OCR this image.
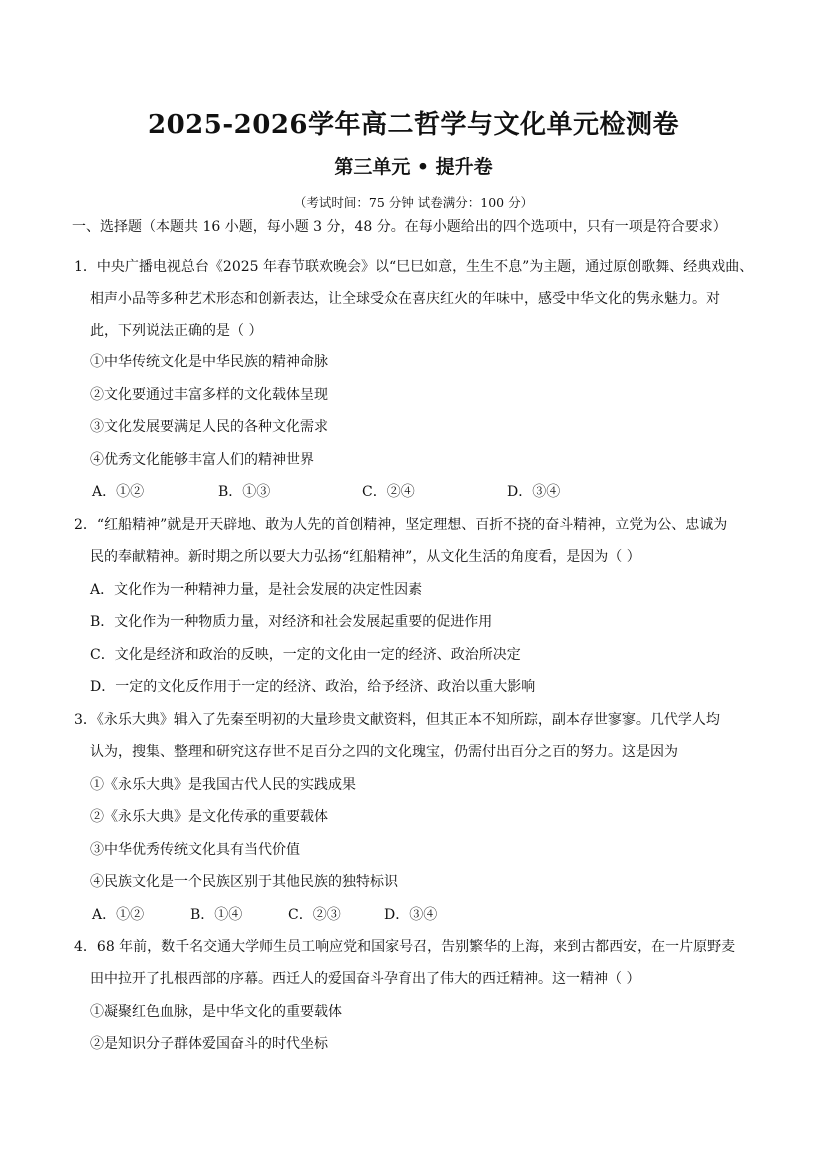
2025-2026学年高二哲学与文化单元检测卷
第三单元 • 提升卷
（考试时间：75 分钟 试卷满分：100 分）
一、选择题（本题共 16 小题，每小题 3 分，48 分。在每小题给出的四个选项中，只有一项是符合要求）
1．中央广播电视总台《2025 年春节联欢晚会》以“巳巳如意，生生不息”为主题，通过原创歌舞、经典戏曲、
相声小品等多种艺术形态和创新表达，让全球受众在喜庆红火的年味中，感受中华文化的隽永魅力。对
此，下列说法正确的是（ ）
①中华传统文化是中华民族的精神命脉
②文化要通过丰富多样的文化载体呈现
③文化发展要满足人民的各种文化需求
④优秀文化能够丰富人们的精神世界
A．①②	B．①③	C．②④	D．③④
2．“红船精神”就是开天辟地、敢为人先的首创精神，坚定理想、百折不挠的奋斗精神，立党为公、忠诚为
民的奉献精神。新时期之所以要大力弘扬“红船精神”，从文化生活的角度看，是因为（ ）
A．文化作为一种精神力量，是社会发展的决定性因素
B．文化作为一种物质力量，对经济和社会发展起重要的促进作用
C．文化是经济和政治的反映，一定的文化由一定的经济、政治所决定
D．一定的文化反作用于一定的经济、政治，给予经济、政治以重大影响
3．《永乐大典》辑入了先秦至明初的大量珍贵文献资料，但其正本不知所踪，副本存世寥寥。几代学人均
认为，搜集、整理和研究这存世不足百分之四的文化瑰宝，仍需付出百分之百的努力。这是因为
①《永乐大典》是我国古代人民的实践成果
②《永乐大典》是文化传承的重要载体
③中华优秀传统文化具有当代价值
④民族文化是一个民族区别于其他民族的独特标识
A．①②	B．①④	C．②③	D．③④
4．68 年前，数千名交通大学师生员工响应党和国家号召，告别繁华的上海，来到古都西安，在一片原野麦
田中拉开了扎根西部的序幕。西迁人的爱国奋斗孕育出了伟大的西迁精神。这一精神（ ）
①凝聚红色血脉，是中华文化的重要载体
②是知识分子群体爱国奋斗的时代坐标
